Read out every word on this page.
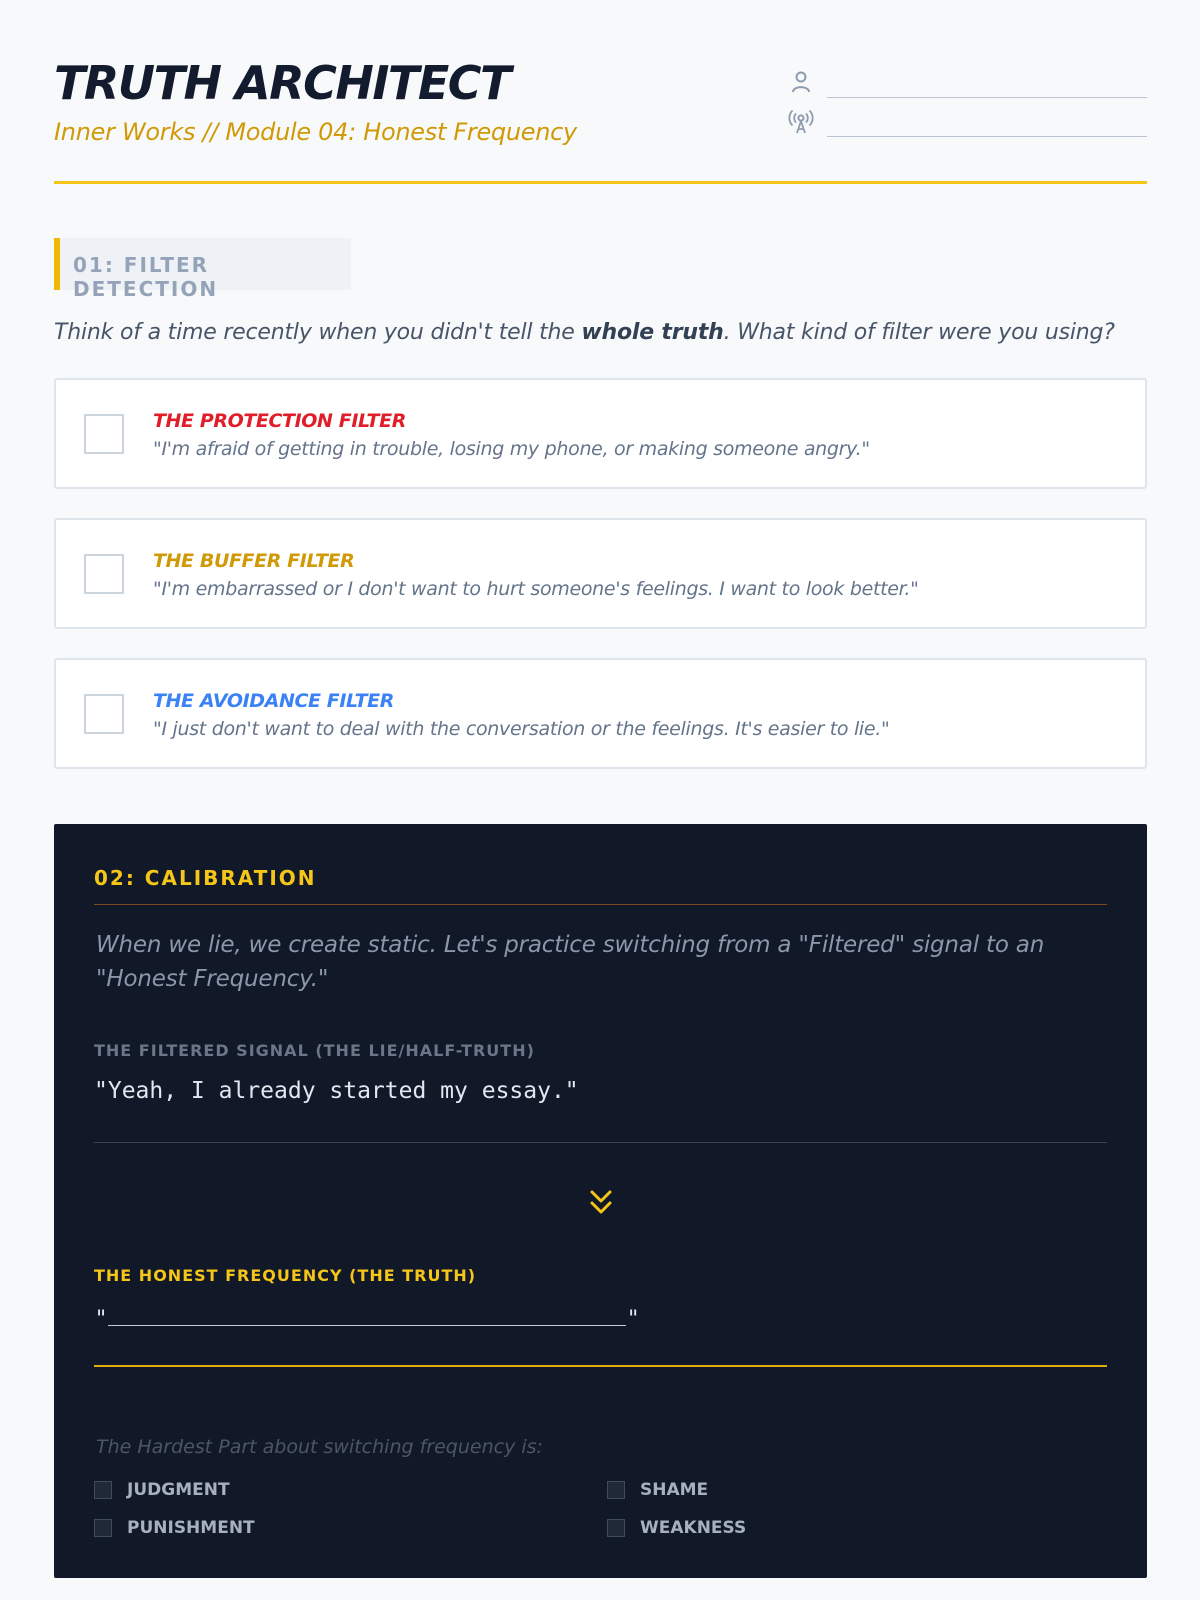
TRUTH ARCHITECT
Inner Works // Module 04: Honest Frequency
01: FILTER DETECTION
Think of a time recently when you didn't tell the whole truth. What kind of filter were you using?
THE PROTECTION FILTER
"I'm afraid of getting in trouble, losing my phone, or making someone angry."
THE BUFFER FILTER
"I'm embarrassed or I don't want to hurt someone's feelings. I want to look better."
THE AVOIDANCE FILTER
"I just don't want to deal with the conversation or the feelings. It's easier to lie."
02: CALIBRATION
When we lie, we create static. Let's practice switching from a "Filtered" signal to an "Honest Frequency."
THE FILTERED SIGNAL (THE LIE/HALF-TRUTH)
"Yeah, I already started my essay."
THE HONEST FREQUENCY (THE TRUTH)
"	"
The Hardest Part about switching frequency is:
JUDGMENT	SHAME
PUNISHMENT	WEAKNESS
